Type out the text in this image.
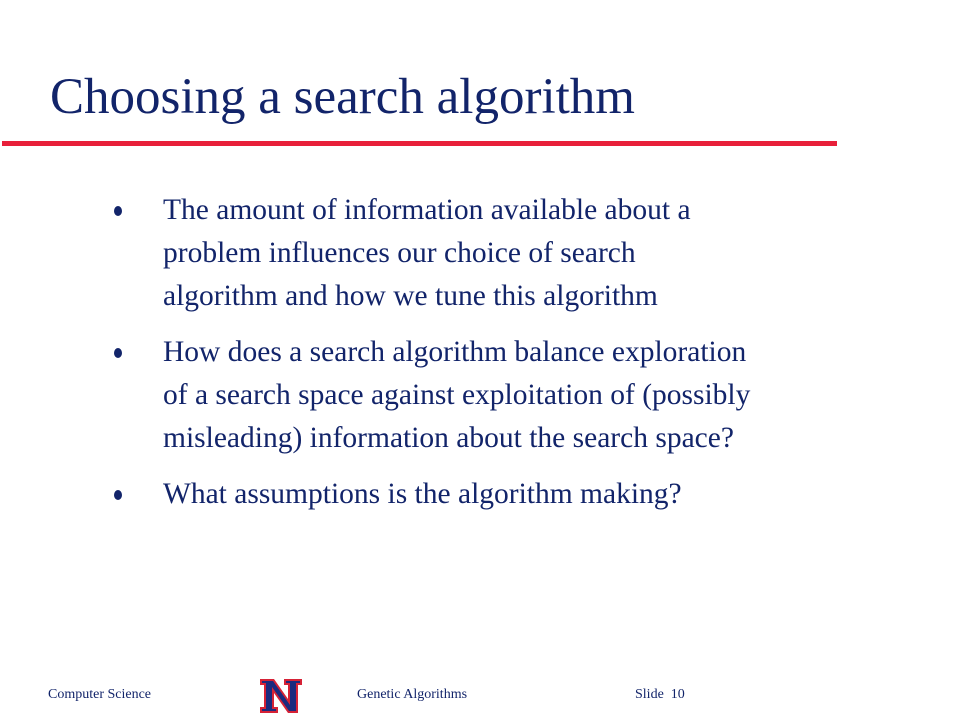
Choosing a search algorithm

The amount of information available about a
problem influences our choice of search
algorithm and how we tune this algorithm

How does a search algorithm balance exploration
of a search space against exploitation of (possibly
misleading) information about the search space?

What assumptions is the algorithm making?

Computer Science	Genetic Algorithms	Slide  10
